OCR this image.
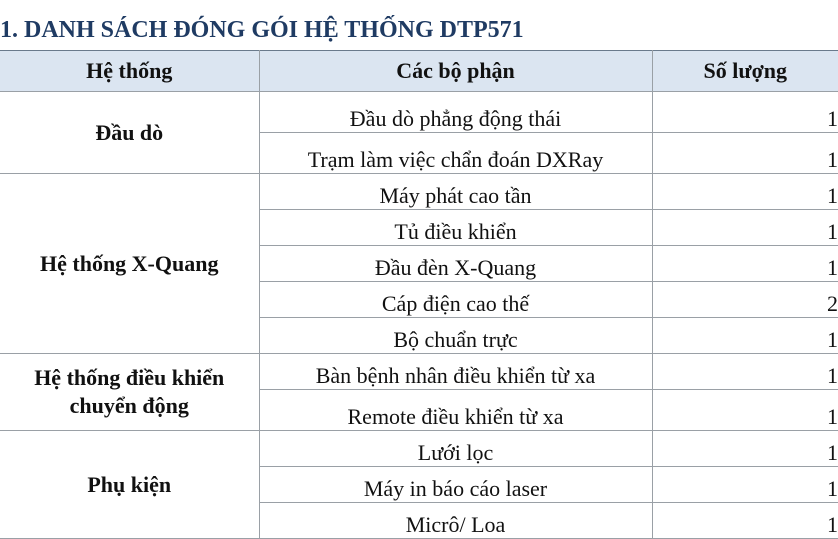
1. DANH SÁCH ĐÓNG GÓI HỆ THỐNG DTP571
Hệ thống	Các bộ phận	Số lượng
Đầu dò	Đầu dò phẳng động thái	1
	Trạm làm việc chẩn đoán DXRay	1
Hệ thống X-Quang	Máy phát cao tần	1
	Tủ điều khiển	1
	Đầu đèn X-Quang	1
	Cáp điện cao thế	2
	Bộ chuẩn trực	1
Hệ thống điều khiển chuyển động	Bàn bệnh nhân điều khiển từ xa	1
	Remote điều khiển từ xa	1
Phụ kiện	Lưới lọc	1
	Máy in báo cáo laser	1
	Micrô/ Loa	1
